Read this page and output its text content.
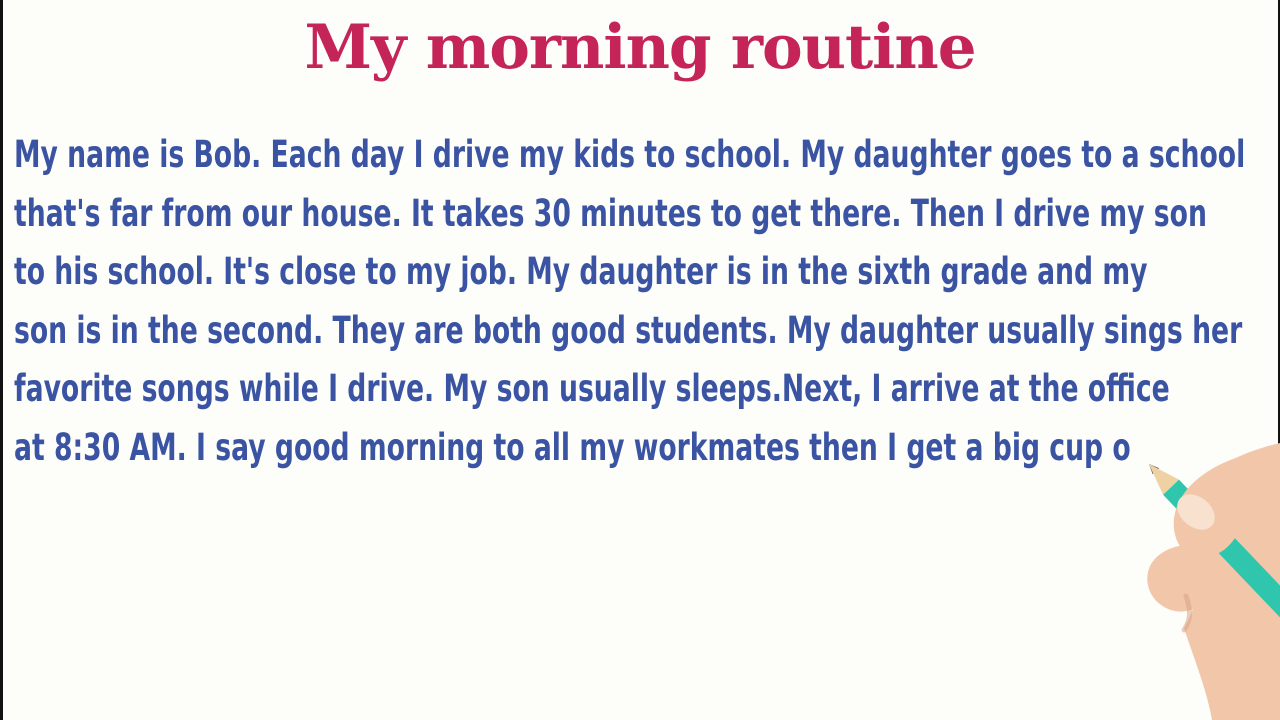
My morning routine
My name is Bob. Each day I drive my kids to school. My daughter goes to a school
that's far from our house. It takes 30 minutes to get there. Then I drive my son
to his school. It's close to my job. My daughter is in the sixth grade and my
son is in the second. They are both good students. My daughter usually sings her
favorite songs while I drive. My son usually sleeps.Next, I arrive at the office
at 8:30 AM. I say good morning to all my workmates then I get a big cup o
